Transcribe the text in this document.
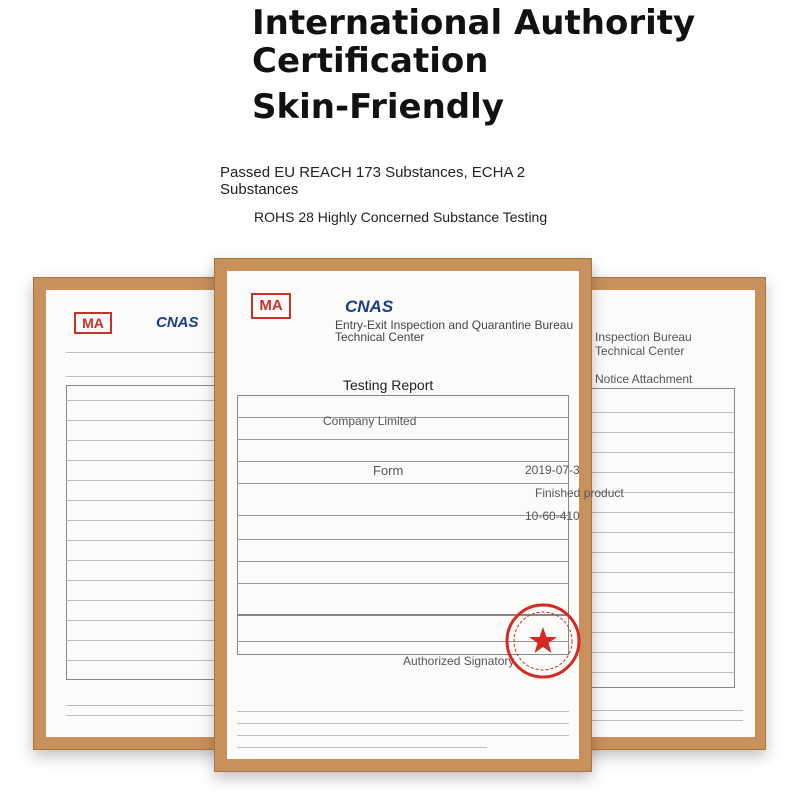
International Authority
Certification
Skin-Friendly
Passed EU REACH 173 Substances, ECHA 2
Substances
ROHS 28 Highly Concerned Substance Testing
MA	CNAS
Inspection Bureau
Technical Center
Notice Attachment
MA	CNAS
Entry-Exit Inspection and Quarantine Bureau
Technical Center
Testing Report
Company Limited
Form	2019-07-3
Finished product
10-60-410
Authorized Signatory
